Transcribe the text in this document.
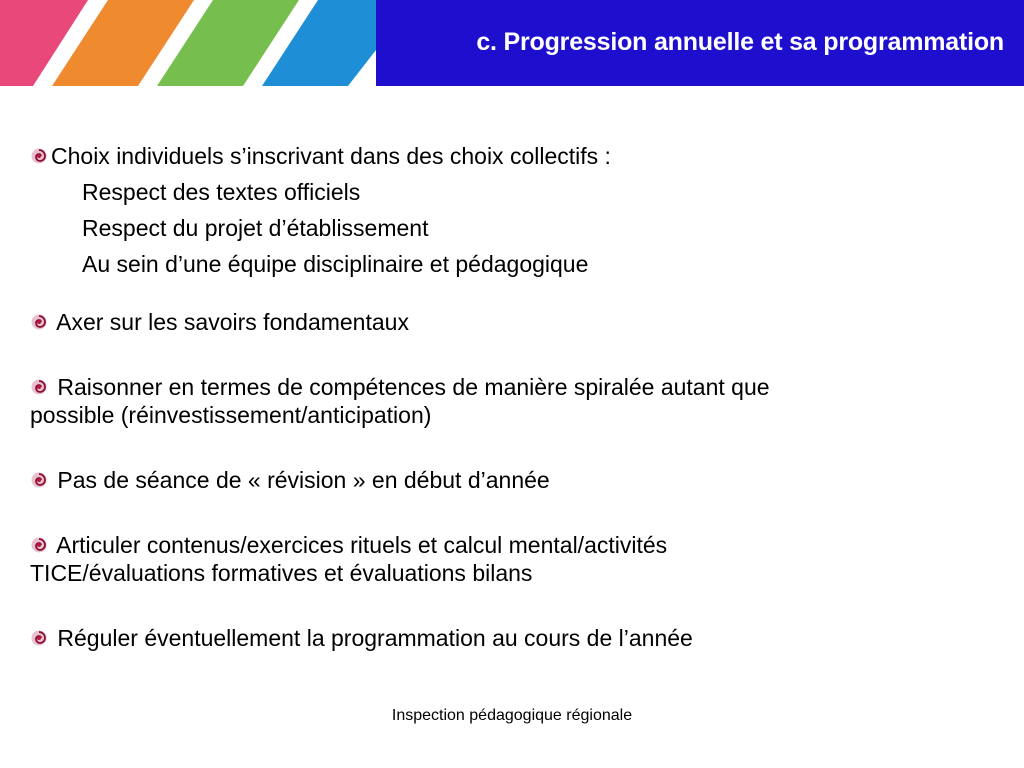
c. Progression annuelle et sa programmation
Choix individuels s’inscrivant dans des choix collectifs :
Respect des textes officiels
Respect du projet d’établissement
Au sein d’une équipe disciplinaire et pédagogique
Axer sur les savoirs fondamentaux
Raisonner en termes de compétences de manière spiralée autant que
possible (réinvestissement/anticipation)
Pas de séance de « révision » en début d’année
Articuler contenus/exercices rituels et calcul mental/activités
TICE/évaluations formatives et évaluations bilans
Réguler éventuellement la programmation au cours de l’année
Inspection pédagogique régionale
